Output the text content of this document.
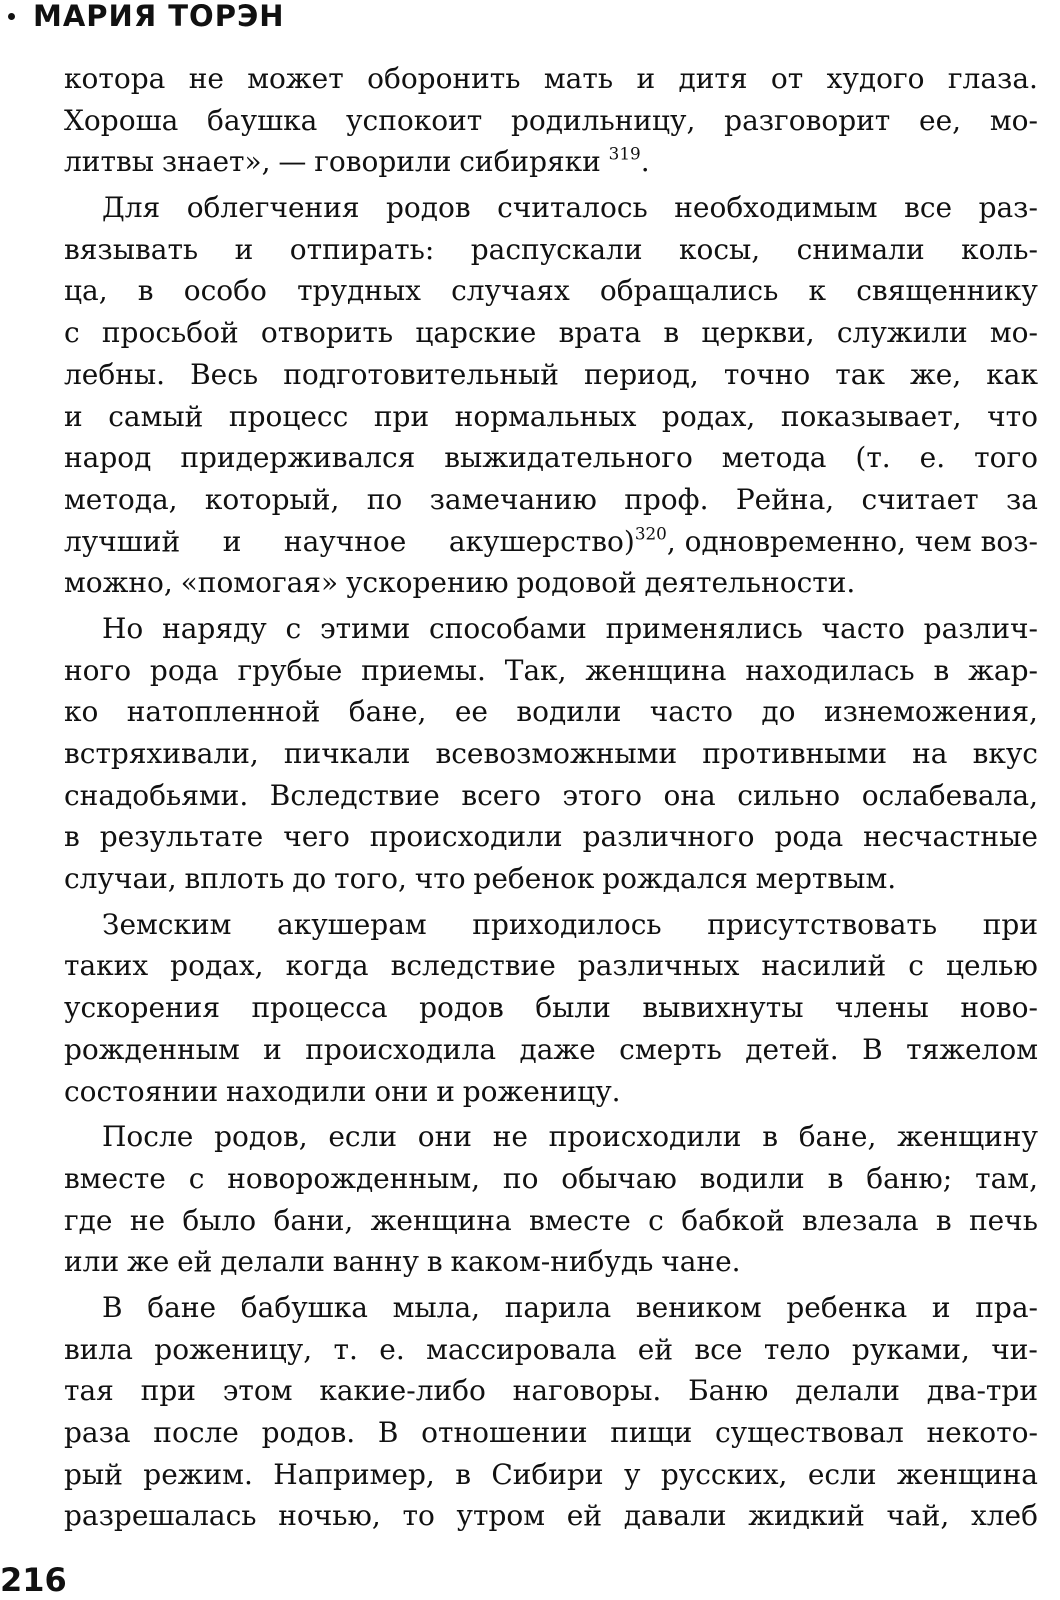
МАРИЯ ТОРЭН
котора не может оборонить мать и дитя от худого глаза.
Хороша баушка успокоит родильницу, разговорит ее, мо-
литвы знает», — говорили сибиряки $^{319}$.
Для облегчения родов считалось необходимым все раз-
вязывать и отпирать: распускали косы, снимали коль-
ца, в особо трудных случаях обращались к священнику
с просьбой отворить царские врата в церкви, служили мо-
лебны. Весь подготовительный период, точно так же, как
и самый процесс при нормальных родах, показывает, что
народ придерживался выжидательного метода (т. е. того
метода, который, по замечанию проф. Рейна, считает за
лучший и научное акушерство)$^{320}$, одновременно, чем воз-
можно, «помогая» ускорению родовой деятельности.
Но наряду с этими способами применялись часто различ-
ного рода грубые приемы. Так, женщина находилась в жар-
ко натопленной бане, ее водили часто до изнеможения,
встряхивали, пичкали всевозможными противными на вкус
снадобьями. Вследствие всего этого она сильно ослабевала,
в результате чего происходили различного рода несчастные
случаи, вплоть до того, что ребенок рождался мертвым.
Земским акушерам приходилось присутствовать при
таких родах, когда вследствие различных насилий с целью
ускорения процесса родов были вывихнуты члены ново-
рожденным и происходила даже смерть детей. В тяжелом
состоянии находили они и роженицу.
После родов, если они не происходили в бане, женщину
вместе с новорожденным, по обычаю водили в баню; там,
где не было бани, женщина вместе с бабкой влезала в печь
или же ей делали ванну в каком-нибудь чане.
В бане бабушка мыла, парила веником ребенка и пра-
вила роженицу, т. е. массировала ей все тело руками, чи-
тая при этом какие-либо наговоры. Баню делали два-три
раза после родов. В отношении пищи существовал некото-
рый режим. Например, в Сибири у русских, если женщина
разрешалась ночью, то утром ей давали жидкий чай, хлеб
216
